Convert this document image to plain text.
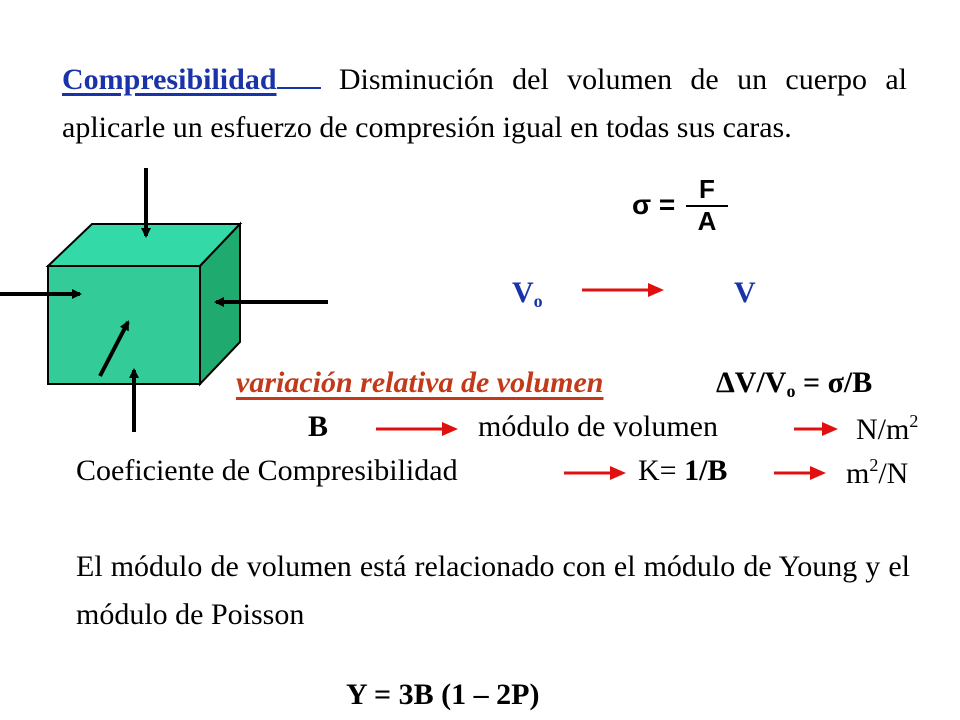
Compresibilidad Disminución del volumen de un cuerpo al aplicarle un esfuerzo de compresión igual en todas sus caras.
σ = F
A
$V_o$	V
variación relativa de volumen	$\Delta V/V_o = \sigma/B$
B	módulo de volumen	$N/m^2$
Coeficiente de Compresibilidad	K= 1/B	$m^2/N$
El módulo de volumen está relacionado con el módulo de Young y el módulo de Poisson
Y = 3B (1 – 2P)
